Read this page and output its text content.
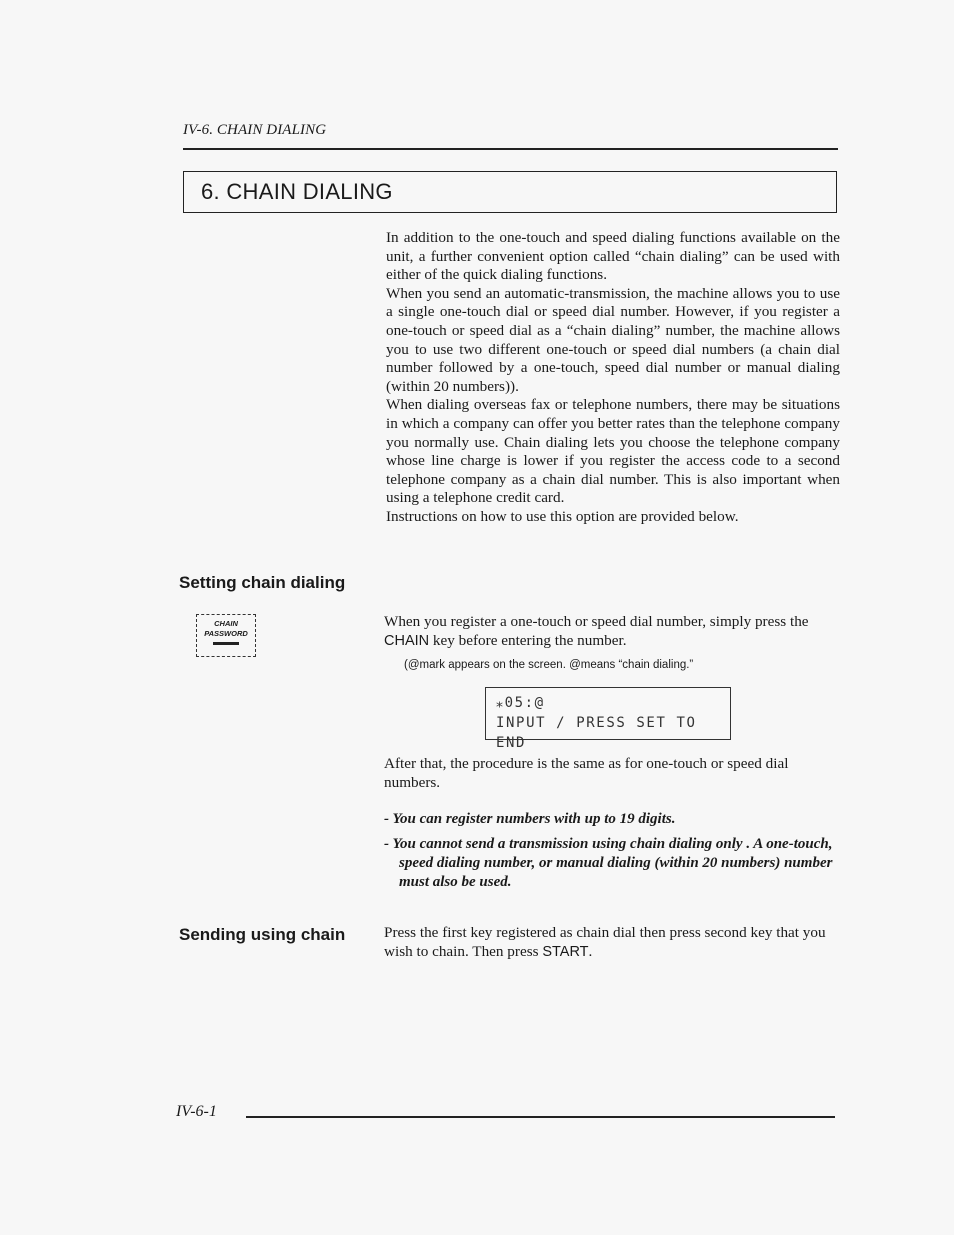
IV-6. CHAIN DIALING
6. CHAIN DIALING

In addition to the one-touch and speed dialing functions available on the unit, a further convenient option called “chain dialing” can be used with either of the quick dialing functions.

When you send an automatic-transmission, the machine allows you to use a single one-touch dial or speed dial number. However, if you register a one-touch or speed dial as a “chain dialing” number, the machine allows you to use two different one-touch or speed dial numbers (a chain dial number followed by a one-touch, speed dial number or manual dialing (within 20 numbers)).

When dialing overseas fax or telephone numbers, there may be situations in which a company can offer you better rates than the telephone company you normally use. Chain dialing lets you choose the telephone company whose line charge is lower if you register the access code to a second telephone company as a chain dial number. This is also important when using a telephone credit card.

Instructions on how to use this option are provided below.

Setting chain dialing
CHAIN
PASSWORD

When you register a one-touch or speed dial number, simply press the CHAIN key before entering the number.

(@mark appears on the screen. @means “chain dialing.”
⁎05:@
INPUT / PRESS SET TO END

After that, the procedure is the same as for one-touch or speed dial numbers.

- You can register numbers with up to 19 digits.

- You cannot send a transmission using chain dialing only . A one-touch, speed dialing number, or manual dialing (within 20 numbers) number must also be used.

Sending using chain	Press the first key registered as chain dial then press second key that you wish to chain. Then press START.

IV-6-1
